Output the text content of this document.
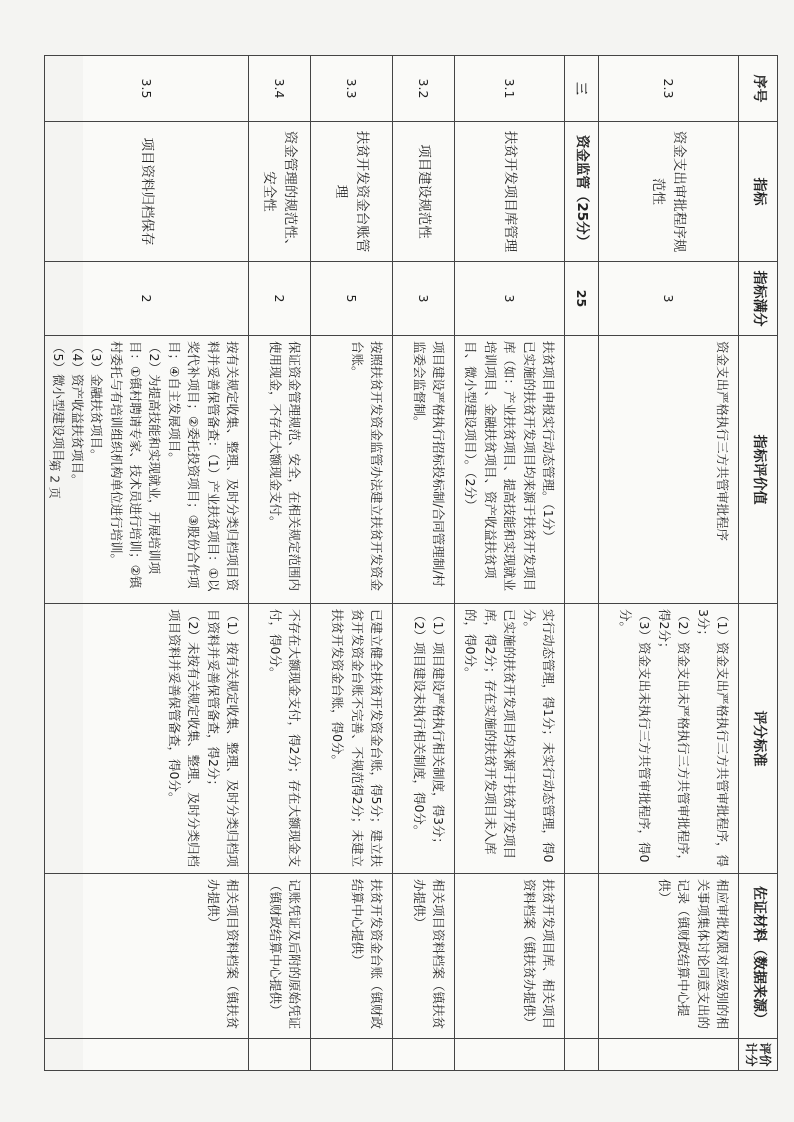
序号	指标	指标满分	指标评价值	评分标准	佐证材料（数据来源）	评价计分
2.3	资金支出审批程序规范性	3	资金支出严格执行三方共管审批程序	（1）资金支出严格执行三方共管审批程序，得3分；
（2）资金支出未严格执行三方共管审批程序，得2分；
（3）资金支出未执行三方共管审批程序，得0分。	相应审批权限对应级别的相关事项集体讨论同意支出的记录（镇财政结算中心提供）	
三	资金监管（25分）	25				
3.1	扶贫开发项目库管理	3	扶贫项目申报实行动态管理。（1分）
已实施的扶贫开发项目均来源于扶贫开发项目库（如：产业扶贫项目、提高技能和实现就业培训项目、金融扶贫项目、资产收益扶贫项目、微小型建设项目）。（2分）	实行动态管理，得1分；未实行动态管理，得0分。
已实施的扶贫开发项目均来源于扶贫开发项目库，得2分；存在实施的扶贫开发项目未入库的，得0分。	扶贫开发项目库、相关项目资料档案（镇扶贫办提供）	
3.2	项目建设规范性	3	项目建设严格执行招标投标制/合同管理制/村监委会监督制。	（1）项目建设严格执行相关制度，得3分；
（2）项目建设未执行相关制度，得0分。	相关项目资料档案（镇扶贫办提供）	
3.3	扶贫开发资金台账管理	5	按照扶贫开发资金监管办法建立扶贫开发资金台账。	已建立健全扶贫开发资金台账，得5分；建立扶贫开发资金台账不完善、不规范得2分；未建立扶贫开发资金台账，得0分。	扶贫开发资金台账（镇财政结算中心提供）	
3.4	资金管理的规范性、安全性	2	保证资金管理规范、安全，在相关规定范围内使用现金，不存在大额现金支付。	不存在大额现金支付，得2分；存在大额现金支付，得0分。	记账凭证及后附的原始凭证（镇财政结算中心提供）	
3.5	项目资料归档保存	2	按有关规定收集、整理、及时分类归档项目资料并妥善保管备查：（1）产业扶贫项目：①以奖代补项目；②委托投资项目；③股份合作项目；④自主发展项目。
（2）为提高技能和实现就业，开展培训项目：①镇村聘请专家、技术员进行培训；②镇村委托与有培训组织机构单位进行培训。
（3）金融扶贫项目。
（4）资产收益扶贫项目。
（5）微小型建设项目。	（1）按有关规定收集、整理、及时分类归档项目资料并妥善保管备查，得2分；
（2）未按有关规定收集、整理、及时分类归档项目资料并妥善保管备查，得0分。	相关项目资料档案（镇扶贫办提供）	
第 2 页
